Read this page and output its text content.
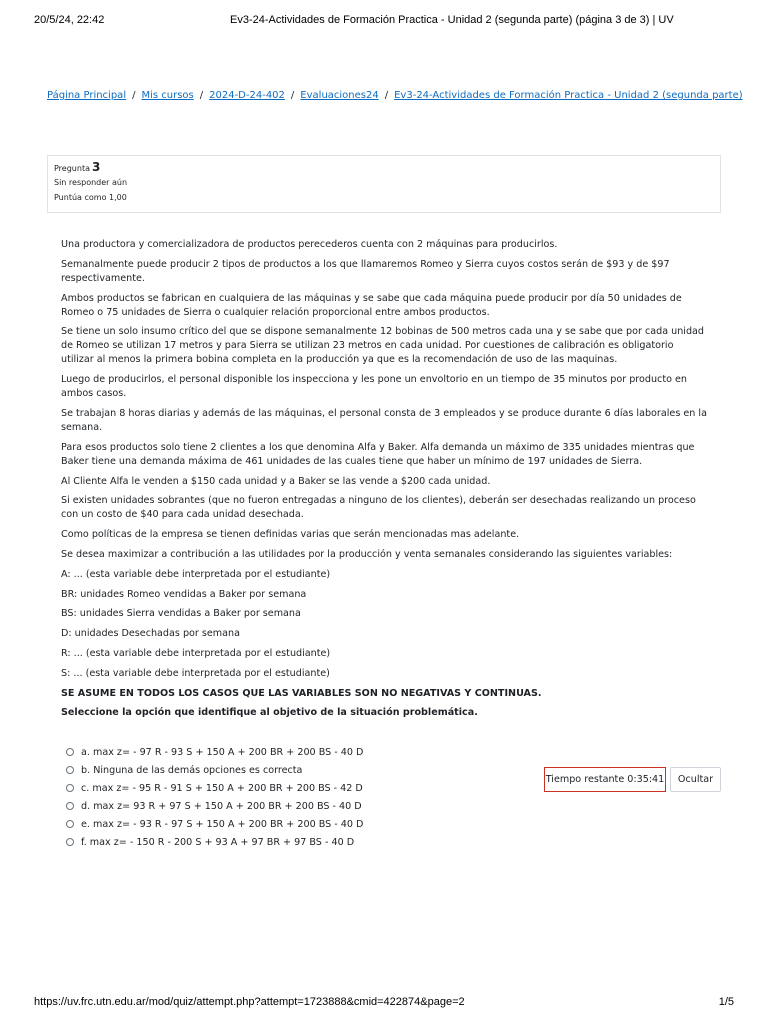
20/5/24, 22:42	Ev3-24-Actividades de Formación Practica - Unidad 2 (segunda parte) (página 3 de 3) | UV
Página Principal / Mis cursos / 2024-D-24-402 / Evaluaciones24 / Ev3-24-Actividades de Formación Practica - Unidad 2 (segunda parte)
Pregunta 3
Sin responder aún
Puntúa como 1,00

Una productora y comercializadora de productos perecederos cuenta con 2 máquinas para producirlos.

Semanalmente puede producir 2 tipos de productos a los que llamaremos Romeo y Sierra cuyos costos serán de $93 y de $97 respectivamente.

Ambos productos se fabrican en cualquiera de las máquinas y se sabe que cada máquina puede producir por día 50 unidades de Romeo o 75 unidades de Sierra o cualquier relación proporcional entre ambos productos.

Se tiene un solo insumo crítico del que se dispone semanalmente 12 bobinas de 500 metros cada una y se sabe que por cada unidad de Romeo se utilizan 17 metros y para Sierra se utilizan 23 metros en cada unidad. Por cuestiones de calibración es obligatorio utilizar al menos la primera bobina completa en la producción ya que es la recomendación de uso de las maquinas.

Luego de producirlos, el personal disponible los inspecciona y les pone un envoltorio en un tiempo de 35 minutos por producto en ambos casos.

Se trabajan 8 horas diarias y además de las máquinas, el personal consta de 3 empleados y se produce durante 6 días laborales en la semana.

Para esos productos solo tiene 2 clientes a los que denomina Alfa y Baker. Alfa demanda un máximo de 335 unidades mientras que Baker tiene una demanda máxima de 461 unidades de las cuales tiene que haber un mínimo de 197 unidades de Sierra.

Al Cliente Alfa le venden a $150 cada unidad y a Baker se las vende a $200 cada unidad.

Si existen unidades sobrantes (que no fueron entregadas a ninguno de los clientes), deberán ser desechadas realizando un proceso con un costo de $40 para cada unidad desechada.

Como políticas de la empresa se tienen definidas varias que serán mencionadas mas adelante.

Se desea maximizar a contribución a las utilidades por la producción y venta semanales considerando las siguientes variables:

A: ... (esta variable debe interpretada por el estudiante)

BR: unidades Romeo vendidas a Baker por semana

BS: unidades Sierra vendidas a Baker por semana

D: unidades Desechadas por semana

R: ... (esta variable debe interpretada por el estudiante)

S: ... (esta variable debe interpretada por el estudiante)

SE ASUME EN TODOS LOS CASOS QUE LAS VARIABLES SON NO NEGATIVAS Y CONTINUAS.

Seleccione la opción que identifique al objetivo de la situación problemática.

a. max z= - 97 R - 93 S + 150 A + 200 BR + 200 BS - 40 D
b. Ninguna de las demás opciones es correcta
c. max z= - 95 R - 91 S + 150 A + 200 BR + 200 BS - 42 D
d. max z= 93 R + 97 S + 150 A + 200 BR + 200 BS - 40 D
e. max z= - 93 R - 97 S + 150 A + 200 BR + 200 BS - 40 D
f. max z= - 150 R - 200 S + 93 A + 97 BR + 97 BS - 40 D
Tiempo restante 0:35:41	Ocultar
https://uv.frc.utn.edu.ar/mod/quiz/attempt.php?attempt=1723888&cmid=422874&page=2	1/5
